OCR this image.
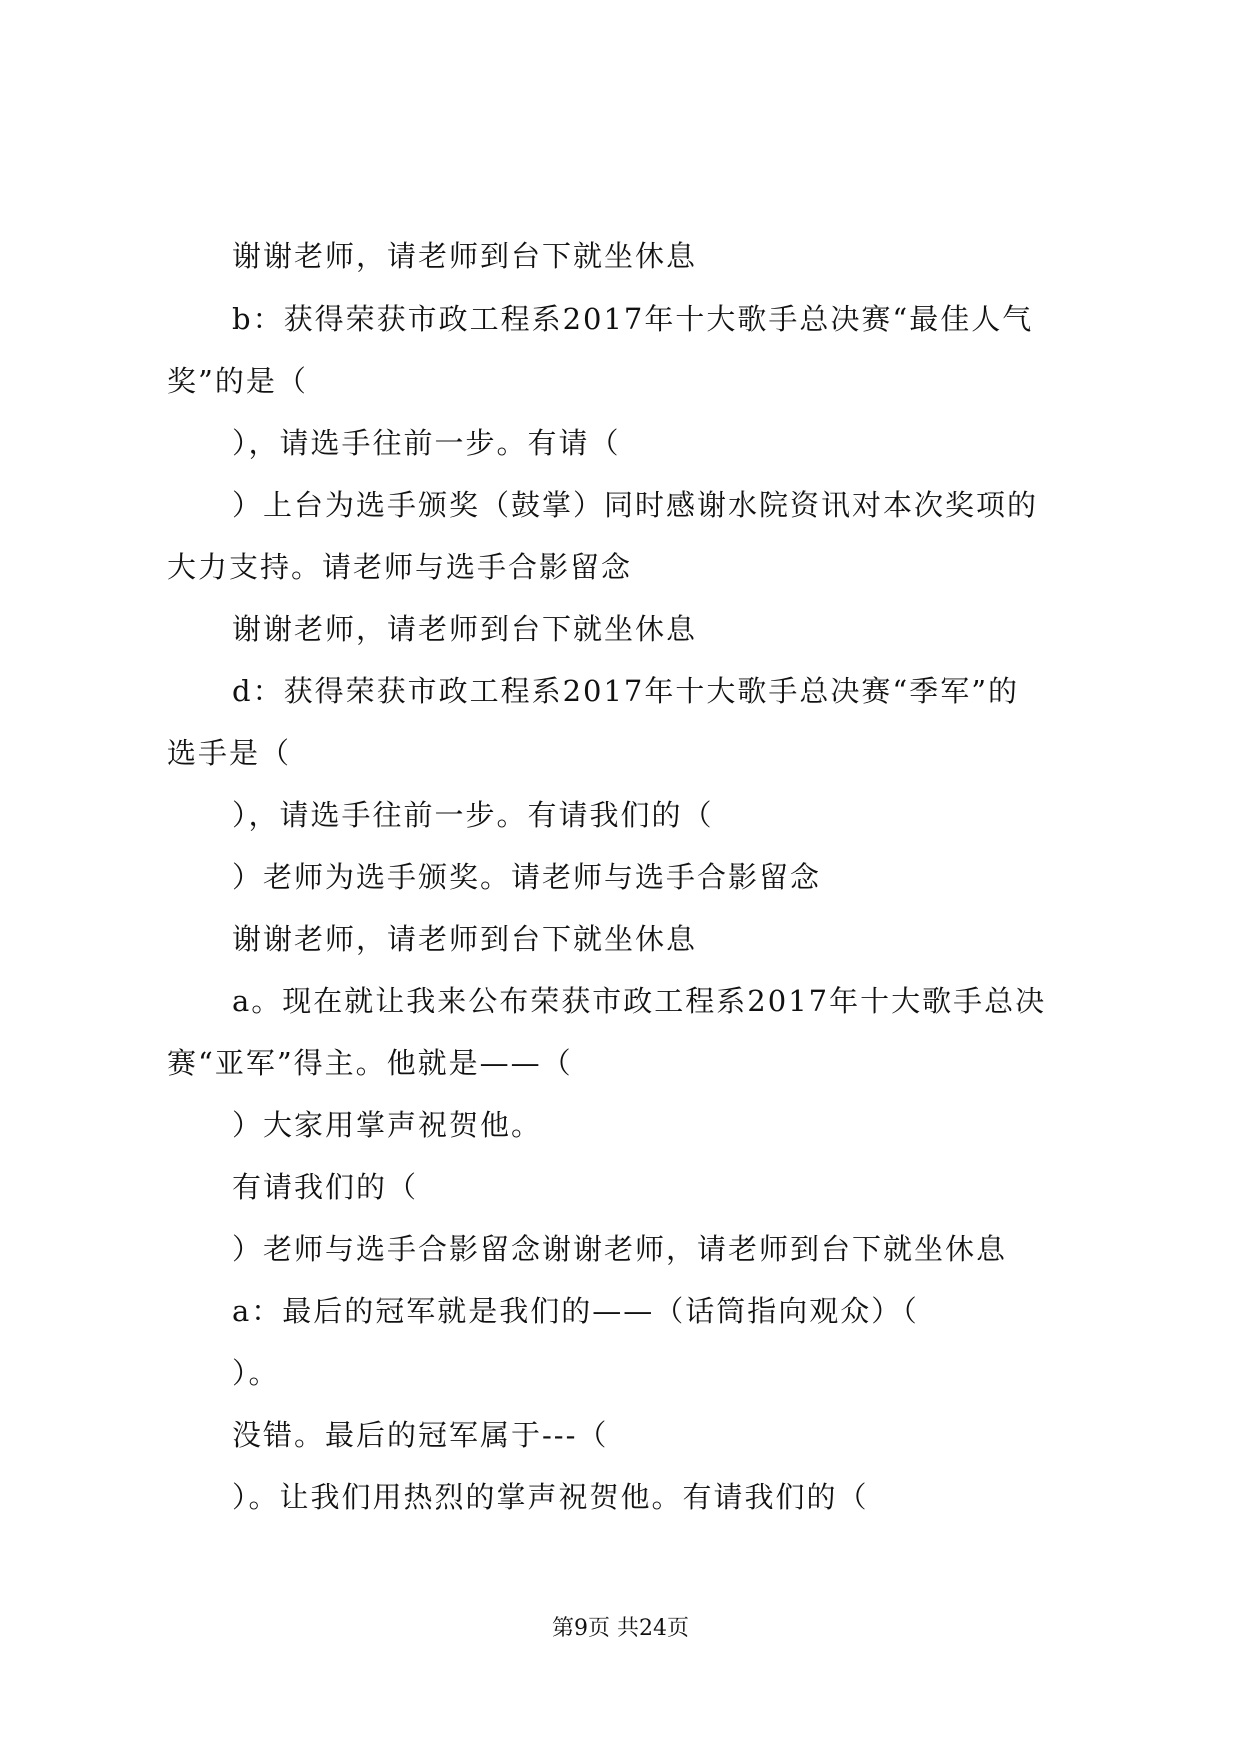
谢谢老师，请老师到台下就坐休息
b：获得荣获市政工程系2017年十大歌手总决赛“最佳人气
奖”的是（
），请选手往前一步。有请（
）上台为选手颁奖（鼓掌）同时感谢水院资讯对本次奖项的
大力支持。请老师与选手合影留念
谢谢老师，请老师到台下就坐休息
d：获得荣获市政工程系2017年十大歌手总决赛“季军”的
选手是（
），请选手往前一步。有请我们的（
）老师为选手颁奖。请老师与选手合影留念
谢谢老师，请老师到台下就坐休息
a。现在就让我来公布荣获市政工程系2017年十大歌手总决
赛“亚军”得主。他就是——（
）大家用掌声祝贺他。
有请我们的（
）老师与选手合影留念谢谢老师，请老师到台下就坐休息
a：最后的冠军就是我们的——（话筒指向观众）（
）。
没错。最后的冠军属于---（
）。让我们用热烈的掌声祝贺他。有请我们的（
第9页 共24页
